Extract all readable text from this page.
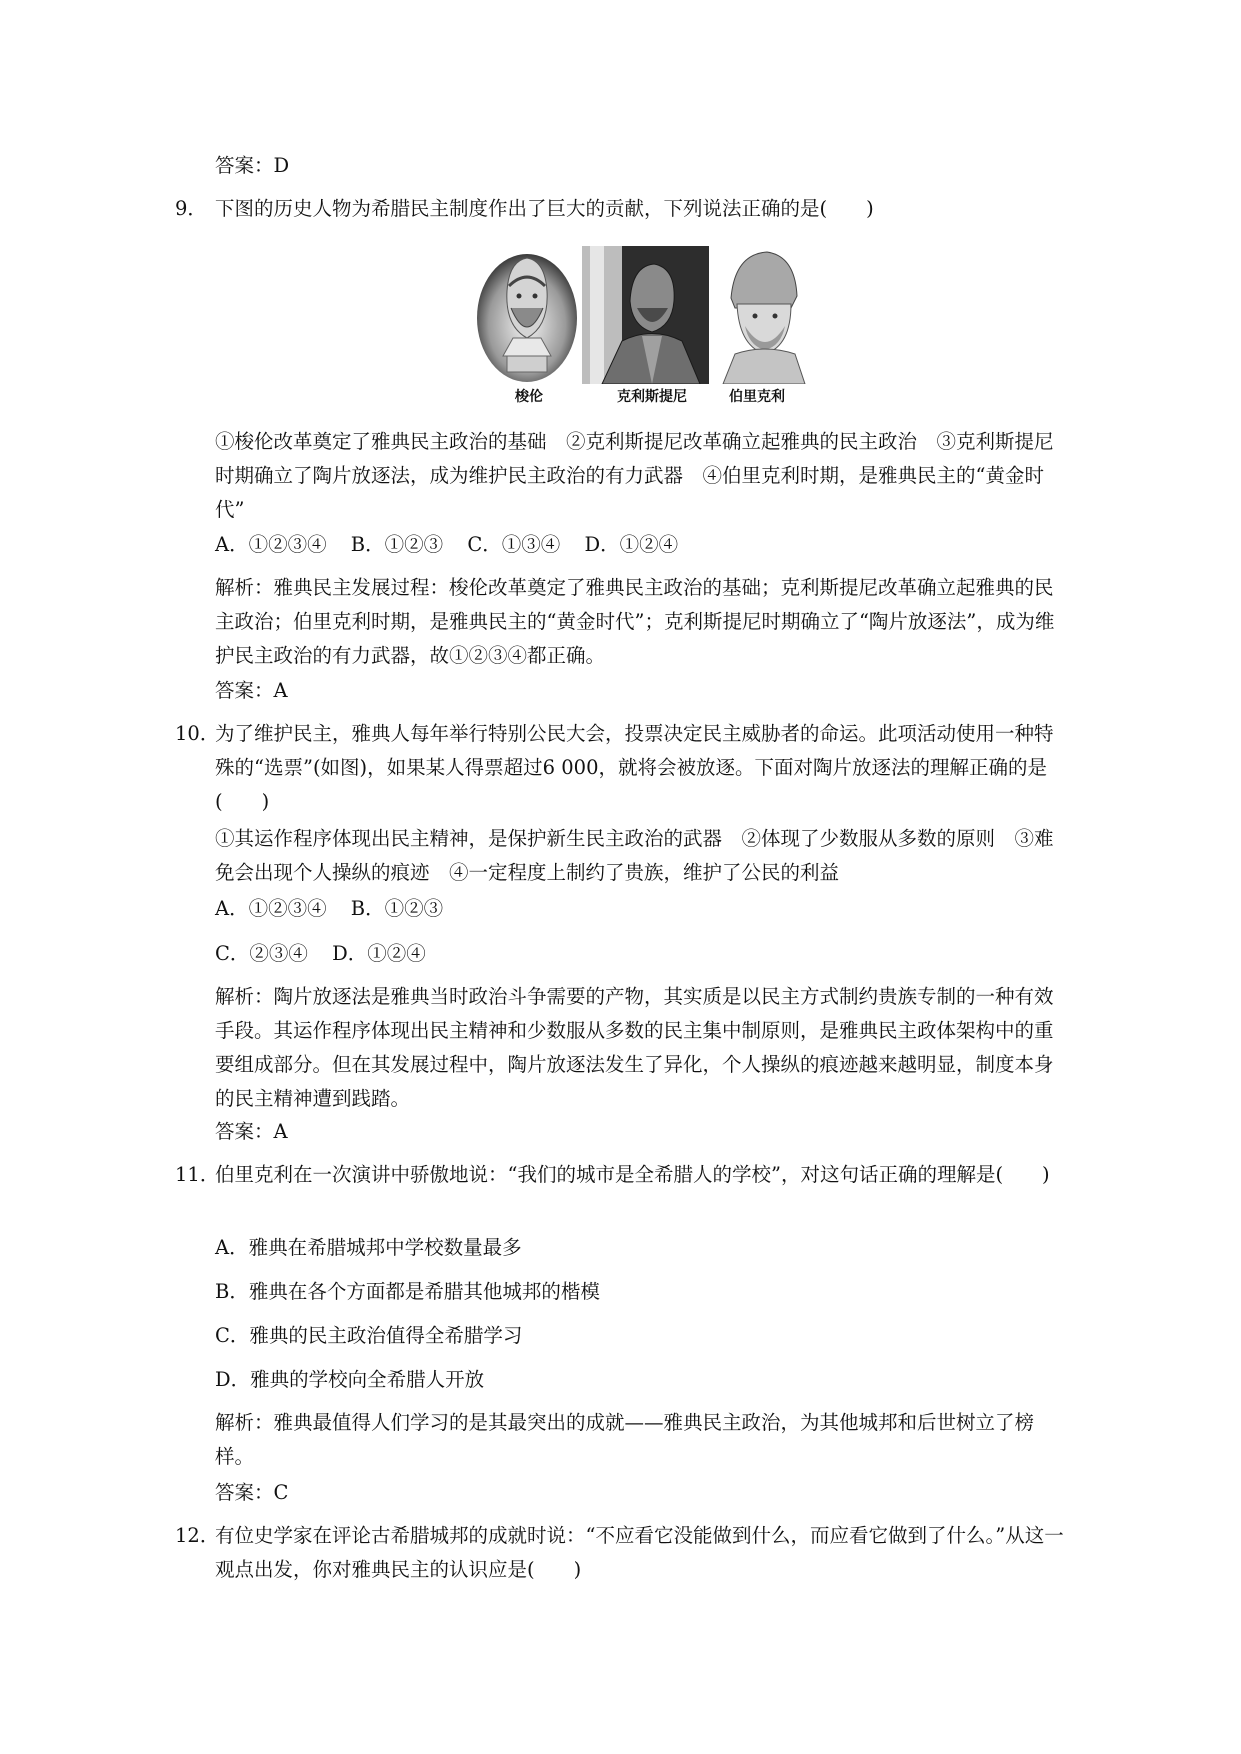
答案：D

9． 下图的历史人物为希腊民主制度作出了巨大的贡献，下列说法正确的是(　　)
梭伦	克利斯提尼	伯里克利

①梭伦改革奠定了雅典民主政治的基础　②克利斯提尼改革确立起雅典的民主政治　③克利斯提尼时期确立了陶片放逐法，成为维护民主政治的有力武器　④伯里克利时期，是雅典民主的“黄金时代”

A．①②③④ B．①②③ C．①③④ D．①②④

解析：雅典民主发展过程：梭伦改革奠定了雅典民主政治的基础；克利斯提尼改革确立起雅典的民主政治；伯里克利时期，是雅典民主的“黄金时代”；克利斯提尼时期确立了“陶片放逐法”，成为维护民主政治的有力武器，故①②③④都正确。

答案：A

10．
为了维护民主，雅典人每年举行特别公民大会，投票决定民主威胁者的命运。此项活动使用一种特殊的“选票”(如图)，如果某人得票超过6 000，就将会被放逐。下面对陶片放逐法的理解正确的是(　　)

①其运作程序体现出民主精神，是保护新生民主政治的武器　②体现了少数服从多数的原则　③难免会出现个人操纵的痕迹　④一定程度上制约了贵族，维护了公民的利益

A．①②③④ B．①②③

C．②③④ D．①②④

解析：陶片放逐法是雅典当时政治斗争需要的产物，其实质是以民主方式制约贵族专制的一种有效手段。其运作程序体现出民主精神和少数服从多数的民主集中制原则，是雅典民主政体架构中的重要组成部分。但在其发展过程中，陶片放逐法发生了异化，个人操纵的痕迹越来越明显，制度本身的民主精神遭到践踏。

答案：A

11．
伯里克利在一次演讲中骄傲地说：“我们的城市是全希腊人的学校”，对这句话正确的理解是(　　)

A．雅典在希腊城邦中学校数量最多

B．雅典在各个方面都是希腊其他城邦的楷模

C．雅典的民主政治值得全希腊学习

D．雅典的学校向全希腊人开放

解析：雅典最值得人们学习的是其最突出的成就——雅典民主政治，为其他城邦和后世树立了榜样。

答案：C

12．
有位史学家在评论古希腊城邦的成就时说：“不应看它没能做到什么，而应看它做到了什么。”从这一观点出发，你对雅典民主的认识应是(　　)
